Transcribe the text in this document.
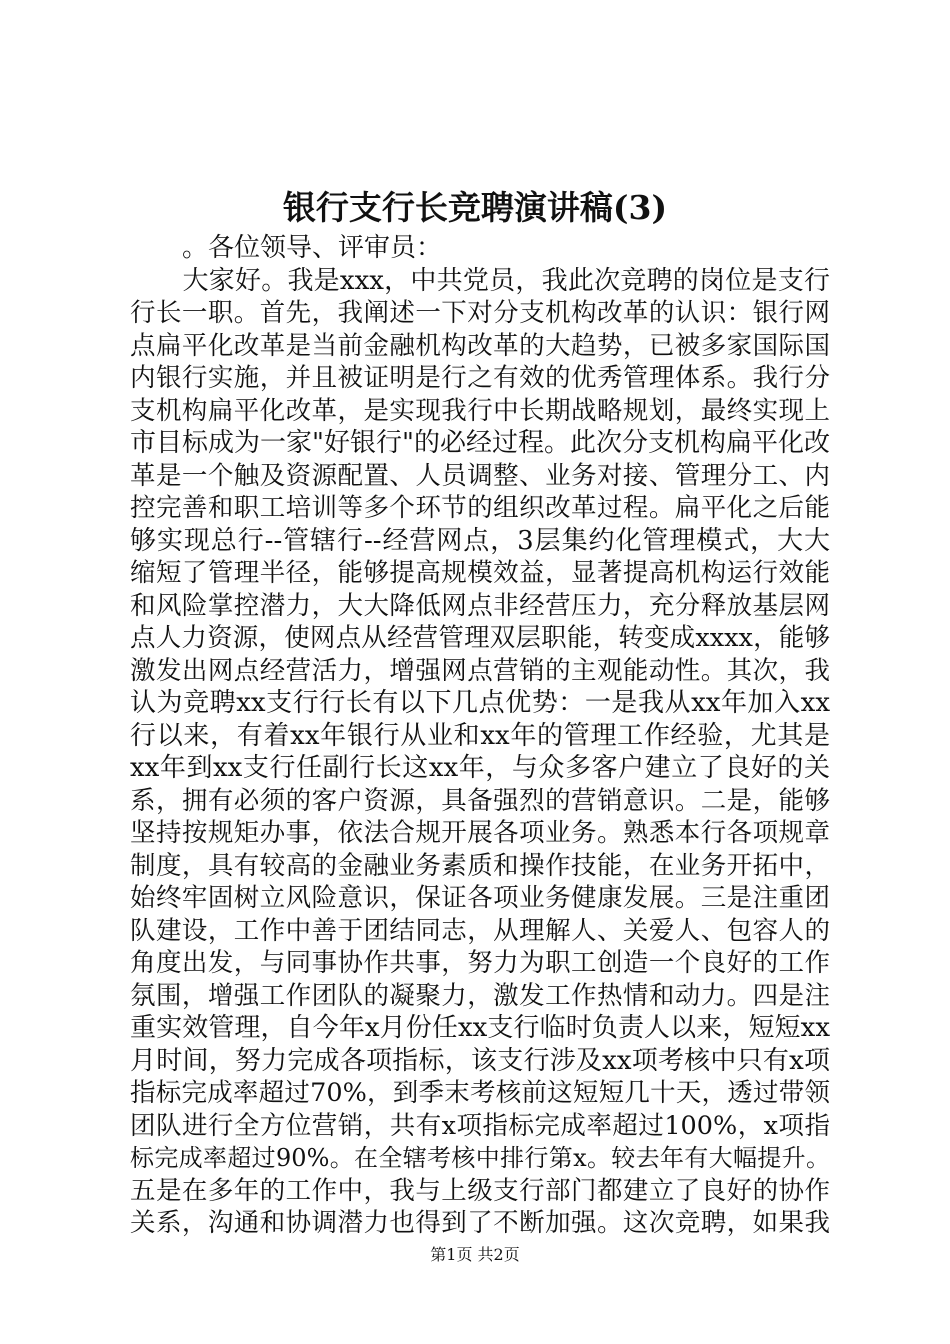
银行支行长竞聘演讲稿(3)
　　。各位领导、评审员：
　　大家好。我是xxx，中共党员，我此次竞聘的岗位是支行
行长一职。首先，我阐述一下对分支机构改革的认识：银行网
点扁平化改革是当前金融机构改革的大趋势，已被多家国际国
内银行实施，并且被证明是行之有效的优秀管理体系。我行分
支机构扁平化改革，是实现我行中长期战略规划，最终实现上
市目标成为一家"好银行"的必经过程。此次分支机构扁平化改
革是一个触及资源配置、人员调整、业务对接、管理分工、内
控完善和职工培训等多个环节的组织改革过程。扁平化之后能
够实现总行--管辖行--经营网点，3层集约化管理模式，大大
缩短了管理半径，能够提高规模效益，显著提高机构运行效能
和风险掌控潜力，大大降低网点非经营压力，充分释放基层网
点人力资源，使网点从经营管理双层职能，转变成xxxx，能够
激发出网点经营活力，增强网点营销的主观能动性。其次，我
认为竞聘xx支行行长有以下几点优势：一是我从xx年加入xx
行以来，有着xx年银行从业和xx年的管理工作经验，尤其是
xx年到xx支行任副行长这xx年，与众多客户建立了良好的关
系，拥有必须的客户资源，具备强烈的营销意识。二是，能够
坚持按规矩办事，依法合规开展各项业务。熟悉本行各项规章
制度，具有较高的金融业务素质和操作技能，在业务开拓中，
始终牢固树立风险意识，保证各项业务健康发展。三是注重团
队建设，工作中善于团结同志，从理解人、关爱人、包容人的
角度出发，与同事协作共事，努力为职工创造一个良好的工作
氛围，增强工作团队的凝聚力，激发工作热情和动力。四是注
重实效管理，自今年x月份任xx支行临时负责人以来，短短xx
月时间，努力完成各项指标，该支行涉及xx项考核中只有x项
指标完成率超过70%，到季末考核前这短短几十天，透过带领
团队进行全方位营销，共有x项指标完成率超过100%，x项指
标完成率超过90%。在全辖考核中排行第x。较去年有大幅提升。
五是在多年的工作中，我与上级支行部门都建立了良好的协作
关系，沟通和协调潜力也得到了不断加强。这次竞聘，如果我
第1页 共2页
